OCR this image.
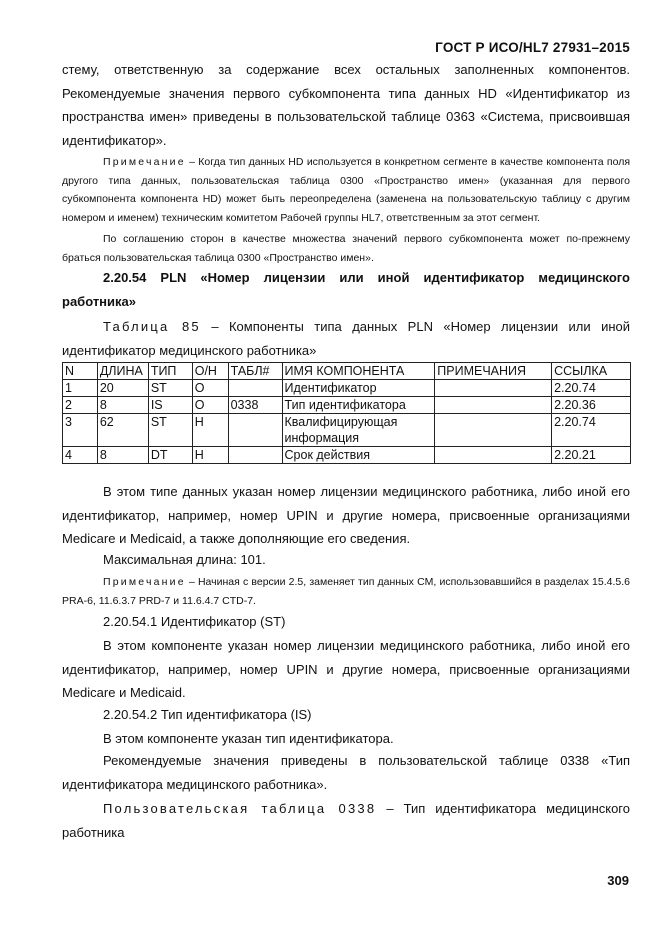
ГОСТ Р ИСО/HL7 27931–2015
стему, ответственную за содержание всех остальных заполненных компонентов. Рекомендуемые значения первого субкомпонента типа данных HD «Идентификатор из пространства имен» приведены в пользовательской таблице 0363 «Система, присвоившая идентификатор».
Примечание – Когда тип данных HD используется в конкретном сегменте в качестве компонента поля другого типа данных, пользовательская таблица 0300 «Пространство имен» (указанная для первого субкомпонента компонента HD) может быть переопределена (заменена на пользовательскую таблицу с другим номером и именем) техническим комитетом Рабочей группы HL7, ответственным за этот сегмент.
По соглашению сторон в качестве множества значений первого субкомпонента может по-прежнему браться пользовательская таблица 0300 «Пространство имен».
2.20.54 PLN «Номер лицензии или иной идентификатор медицинского работника»
Таблица 85 – Компоненты типа данных PLN «Номер лицензии или иной идентификатор медицинского работника»
N	ДЛИНА	ТИП	О/Н	ТАБЛ#	ИМЯ КОМПОНЕНТА	ПРИМЕЧАНИЯ	ССЫЛКА
1	20	ST	О		Идентификатор		2.20.74
2	8	IS	О	0338	Тип идентификатора		2.20.36
3	62	ST	Н		Квалифицирующая информация		2.20.74
4	8	DT	Н		Срок действия		2.20.21
В этом типе данных указан номер лицензии медицинского работника, либо иной его идентификатор, например, номер UPIN и другие номера, присвоенные организациями Medicare и Medicaid, а также дополняющие его сведения.
Максимальная длина: 101.
Примечание – Начиная с версии 2.5, заменяет тип данных CM, использовавшийся в разделах 15.4.5.6 PRA-6, 11.6.3.7 PRD-7 и 11.6.4.7 CTD-7.
2.20.54.1 Идентификатор (ST)
В этом компоненте указан номер лицензии медицинского работника, либо иной его идентификатор, например, номер UPIN и другие номера, присвоенные организациями Medicare и Medicaid.
2.20.54.2 Тип идентификатора (IS)
В этом компоненте указан тип идентификатора.
Рекомендуемые значения приведены в пользовательской таблице 0338 «Тип идентификатора медицинского работника».
Пользовательская таблица 0338 – Тип идентификатора медицинского работника
309
